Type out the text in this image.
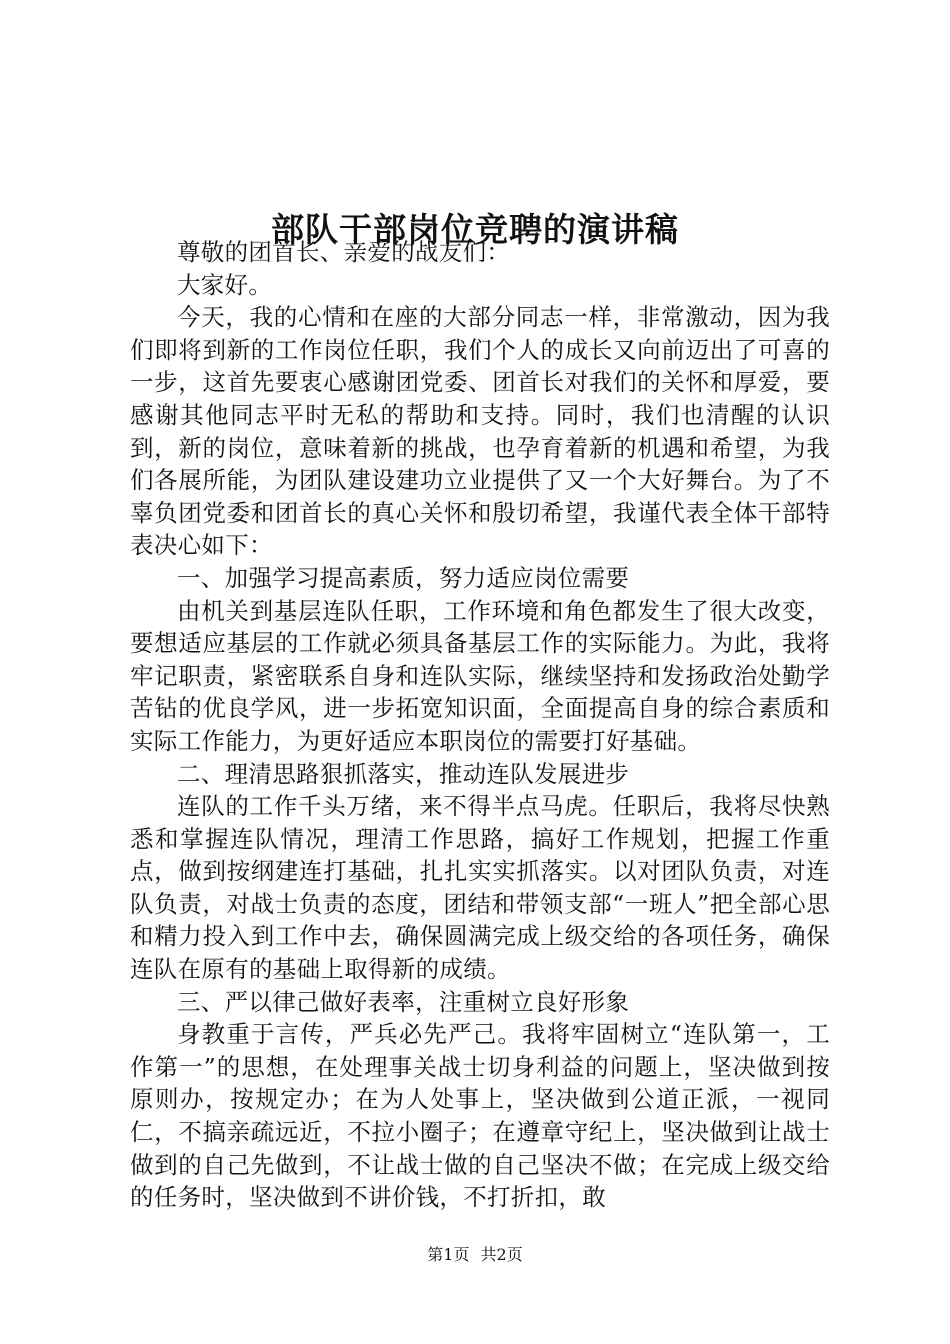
部队干部岗位竞聘的演讲稿

尊敬的团首长、亲爱的战友们：

大家好。

今天，我的心情和在座的大部分同志一样，非常激动，因为我们即将到新的工作岗位任职，我们个人的成长又向前迈出了可喜的一步，这首先要衷心感谢团党委、团首长对我们的关怀和厚爱，要感谢其他同志平时无私的帮助和支持。同时，我们也清醒的认识到，新的岗位，意味着新的挑战，也孕育着新的机遇和希望，为我们各展所能，为团队建设建功立业提供了又一个大好舞台。为了不辜负团党委和团首长的真心关怀和殷切希望，我谨代表全体干部特表决心如下：

一、加强学习提高素质，努力适应岗位需要

由机关到基层连队任职，工作环境和角色都发生了很大改变，要想适应基层的工作就必须具备基层工作的实际能力。为此，我将牢记职责，紧密联系自身和连队实际，继续坚持和发扬政治处勤学苦钻的优良学风，进一步拓宽知识面，全面提高自身的综合素质和实际工作能力，为更好适应本职岗位的需要打好基础。

二、理清思路狠抓落实，推动连队发展进步

连队的工作千头万绪，来不得半点马虎。任职后，我将尽快熟悉和掌握连队情况，理清工作思路，搞好工作规划，把握工作重点，做到按纲建连打基础，扎扎实实抓落实。以对团队负责，对连队负责，对战士负责的态度，团结和带领支部“一班人”把全部心思和精力投入到工作中去，确保圆满完成上级交给的各项任务，确保连队在原有的基础上取得新的成绩。

三、严以律己做好表率，注重树立良好形象

身教重于言传，严兵必先严己。我将牢固树立“连队第一，工作第一”的思想，在处理事关战士切身利益的问题上，坚决做到按原则办，按规定办；在为人处事上，坚决做到公道正派，一视同仁，不搞亲疏远近，不拉小圈子；在遵章守纪上，坚决做到让战士做到的自己先做到，不让战士做的自己坚决不做；在完成上级交给的任务时，坚决做到不讲价钱，不打折扣，敢

第1页 共2页
